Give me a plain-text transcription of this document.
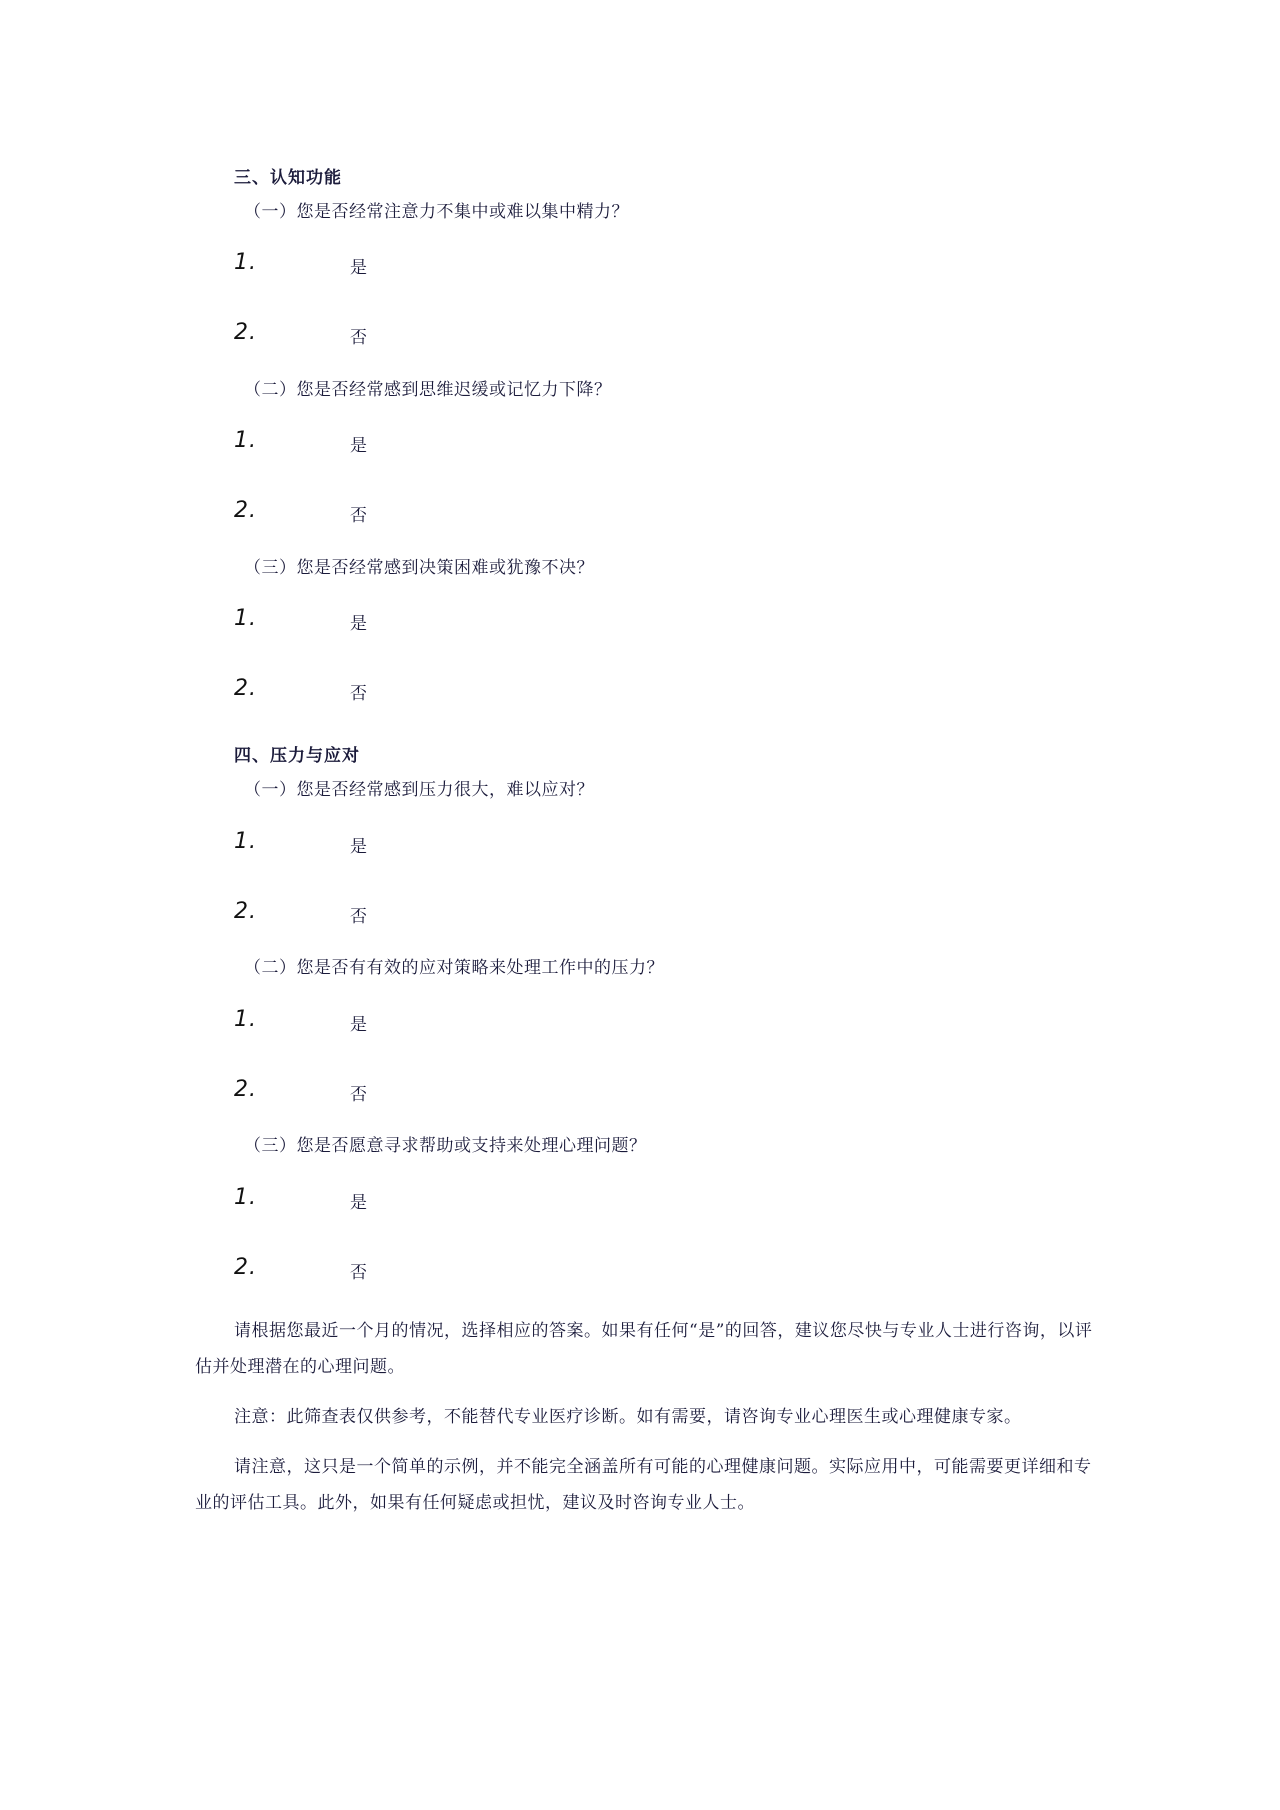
三、认知功能
（一）您是否经常注意力不集中或难以集中精力？
1.	是
2.	否
（二）您是否经常感到思维迟缓或记忆力下降？
1.	是
2.	否
（三）您是否经常感到决策困难或犹豫不决？
1.	是
2.	否
四、压力与应对
（一）您是否经常感到压力很大，难以应对？
1.	是
2.	否
（二）您是否有有效的应对策略来处理工作中的压力？
1.	是
2.	否
（三）您是否愿意寻求帮助或支持来处理心理问题？
1.	是
2.	否

请根据您最近一个月的情况，选择相应的答案。如果有任何“是”的回答，建议您尽快与专业人士进行咨询，以评估并处理潜在的心理问题。

注意：此筛查表仅供参考，不能替代专业医疗诊断。如有需要，请咨询专业心理医生或心理健康专家。

请注意，这只是一个简单的示例，并不能完全涵盖所有可能的心理健康问题。实际应用中，可能需要更详细和专业的评估工具。此外，如果有任何疑虑或担忧，建议及时咨询专业人士。
